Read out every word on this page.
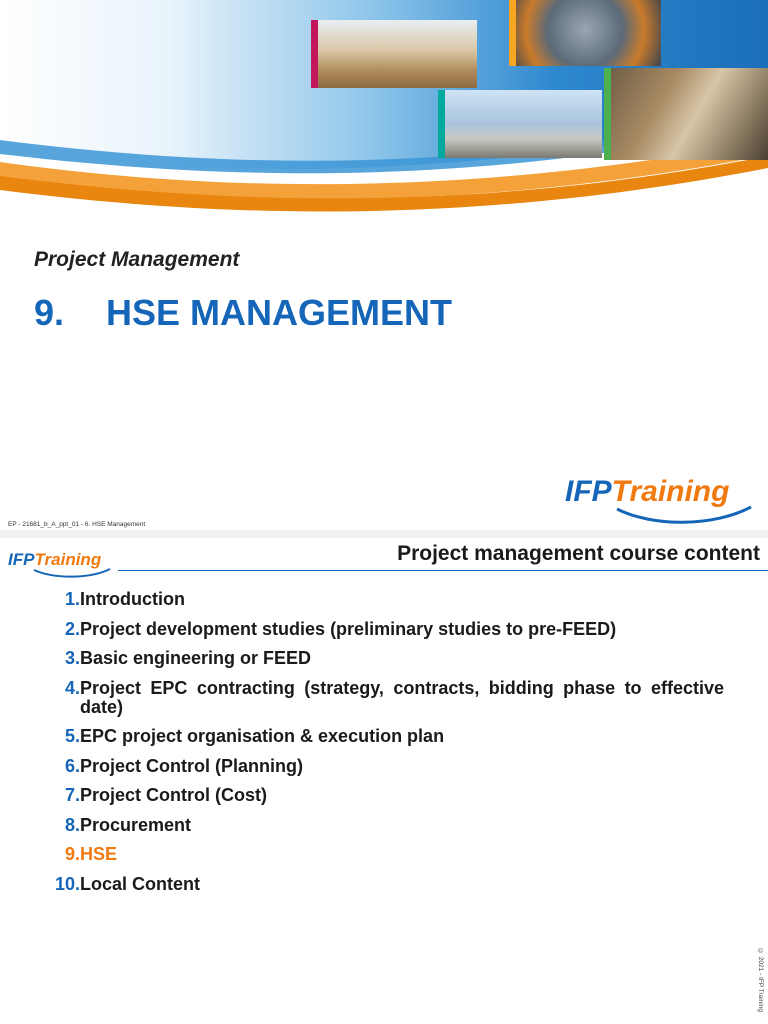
Project Management
9. HSE MANAGEMENT
IFP Training
EP - 21681_b_A_ppt_01 - 6. HSE Management
IFP Training	Project management course content
1. Introduction
2. Project development studies (preliminary studies to pre-FEED)
3. Basic engineering or FEED
4. Project EPC contracting (strategy, contracts, bidding phase to effective date)
5. EPC project organisation & execution plan
6. Project Control (Planning)
7. Project Control (Cost)
8. Procurement
9. HSE
10. Local Content
© 2021 - IFP Training
